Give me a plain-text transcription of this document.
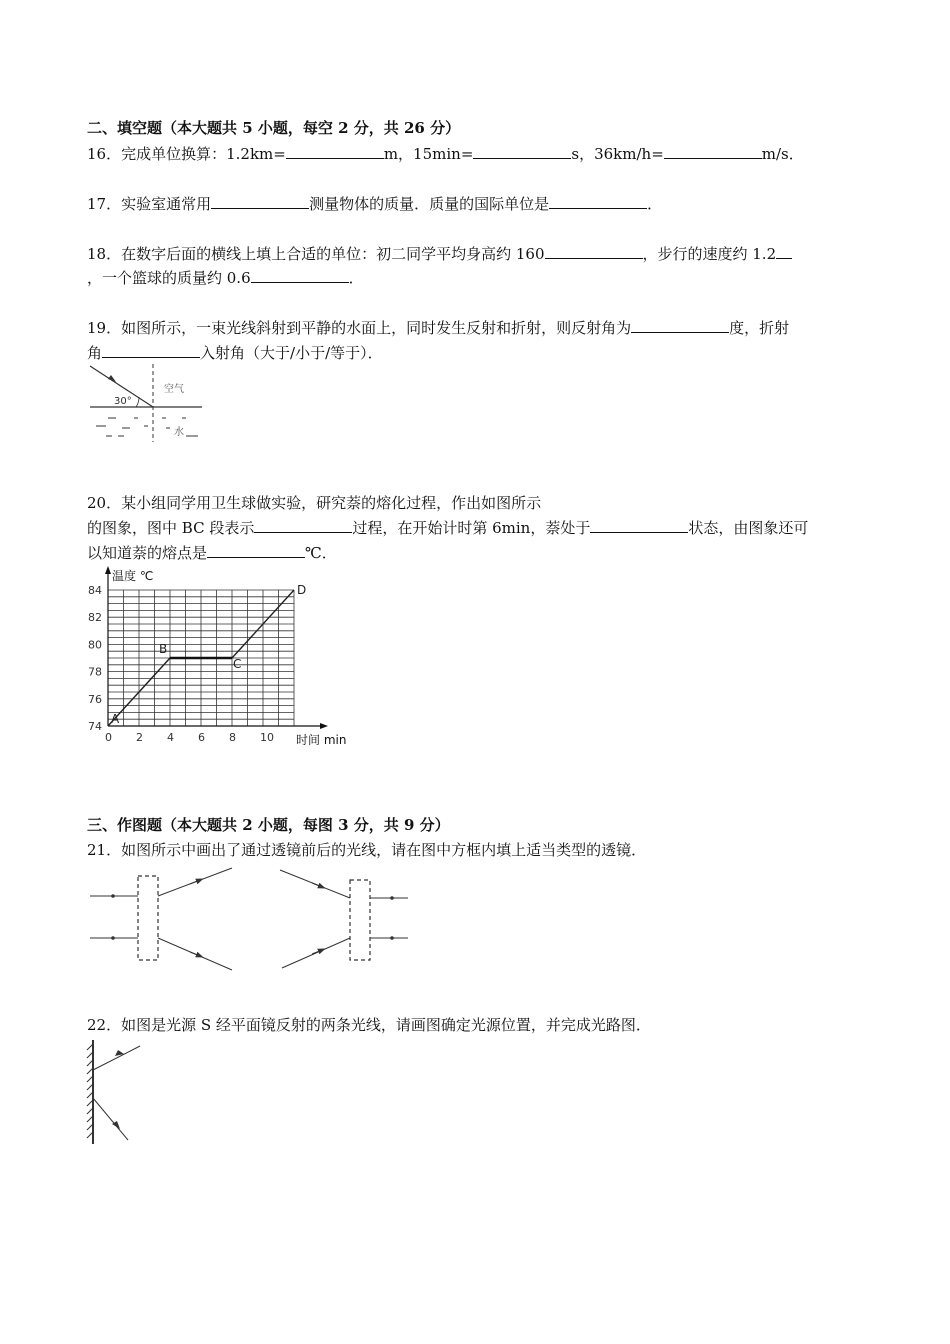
二、填空题（本大题共 5 小题，每空 2 分，共 26 分）
16．完成单位换算：1.2km=	m，15min=	s，36km/h=	m/s．
17．实验室通常用	测量物体的质量．质量的国际单位是	．
18．在数字后面的横线上填上合适的单位：初二同学平均身高约 160	，步行的速度约 1.2
，一个篮球的质量约 0.6	．
19．如图所示，一束光线斜射到平静的水面上，同时发生反射和折射，则反射角为	度，折射
角	入射角（大于/小于/等于）．
30°
空气
水
20．某小组同学用卫生球做实验，研究萘的熔化过程，作出如图所示
的图象，图中 BC 段表示	过程，在开始计时第 6min，萘处于	状态，由图象还可
以知道萘的熔点是	℃．
0 2 4 6 8 10
74
76
78
80
82
84
温度 ℃
时间 min
A
B
C
D
三、作图题（本大题共 2 小题，每图 3 分，共 9 分）
21．如图所示中画出了通过透镜前后的光线，请在图中方框内填上适当类型的透镜．
22．如图是光源 S 经平面镜反射的两条光线，请画图确定光源位置，并完成光路图．
